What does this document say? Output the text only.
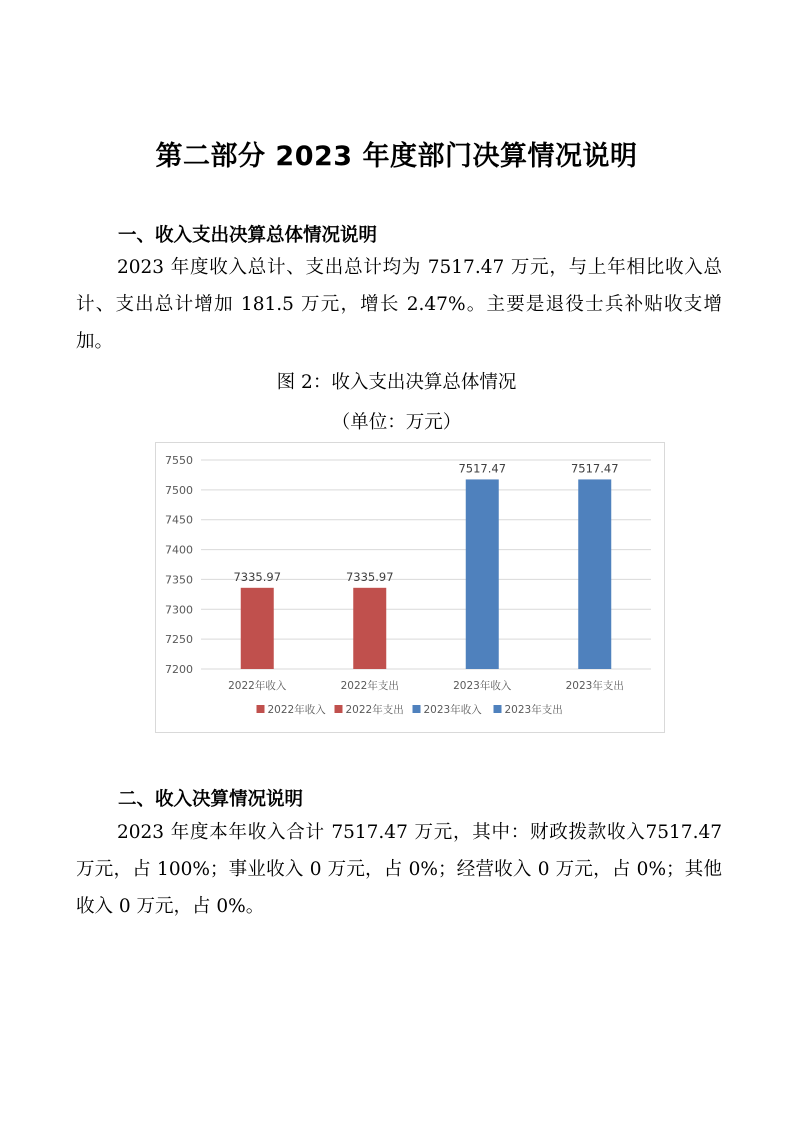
第二部分 2023 年度部门决算情况说明
一、收入支出决算总体情况说明

2023 年度收入总计、支出总计均为 7517.47 万元，与上年相比收入总计、支出总计增加 181.5 万元，增长 2.47%。主要是退役士兵补贴收支增加。

图 2：收入支出决算总体情况
（单位：万元）
7200
7250
7300
7350
7400
7450
7500
7550
7335.97
2022年收入
7335.97
2022年支出
7517.47
2023年收入
7517.47
2023年支出
2022年收入 2022年支出 2023年收入 2023年支出
二、收入决算情况说明

2023 年度本年收入合计 7517.47 万元，其中：财政拨款收入7517.47 万元，占 100%；事业收入 0 万元，占 0%；经营收入 0 万元，占 0%；其他收入 0 万元，占 0%。
